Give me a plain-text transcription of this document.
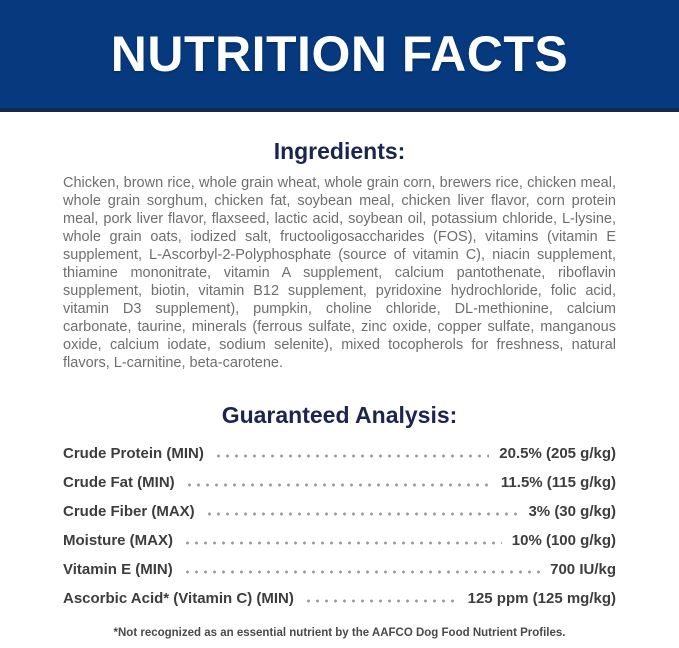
NUTRITION FACTS
Ingredients:

Chicken, brown rice, whole grain wheat, whole grain corn, brewers rice, chicken meal, whole grain sorghum, chicken fat, soybean meal, chicken liver flavor, corn protein meal, pork liver flavor, flaxseed, lactic acid, soybean oil, potassium chloride, L-lysine, whole grain oats, iodized salt, fructooligosaccharides (FOS), vitamins (vitamin E supplement, L-Ascorbyl-2-Polyphosphate (source of vitamin C), niacin supplement, thiamine mononitrate, vitamin A supplement, calcium pantothenate, riboflavin supplement, biotin, vitamin B12 supplement, pyridoxine hydrochloride, folic acid, vitamin D3 supplement), pumpkin, choline chloride, DL-methionine, calcium carbonate, taurine, minerals (ferrous sulfate, zinc oxide, copper sulfate, manganous oxide, calcium iodate, sodium selenite), mixed tocopherols for freshness, natural flavors, L-carnitine, beta-carotene.

Guaranteed Analysis:
Crude Protein (MIN)	20.5% (205 g/kg)
Crude Fat (MIN)	11.5% (115 g/kg)
Crude Fiber (MAX)	3% (30 g/kg)
Moisture (MAX)	10% (100 g/kg)
Vitamin E (MIN)	700 IU/kg
Ascorbic Acid* (Vitamin C) (MIN)	125 ppm (125 mg/kg)
*Not recognized as an essential nutrient by the AAFCO Dog Food Nutrient Profiles.
